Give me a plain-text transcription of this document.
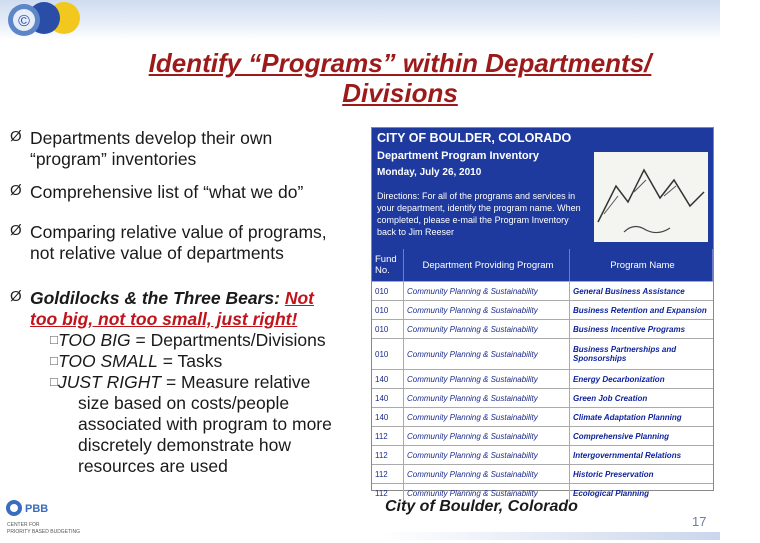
©
Identify “Programs” within Departments/
Divisions
Ø Departments develop their own
“program” inventories
Ø Comprehensive list of “what we do”
Ø Comparing relative value of programs,
not relative value of departments
Ø Goldilocks & the Three Bears: Not
too big, not too small, just right!
□ TOO BIG = Departments/Divisions
□ TOO SMALL = Tasks
□ JUST RIGHT = Measure relative
size based on costs/people
associated with program to more
discretely demonstrate how
resources are used
CITY OF BOULDER, COLORADO
Department Program Inventory
Monday, July 26, 2010
Directions: For all of the programs and services in your department, identify the program name. When completed, please e-mail the Program Inventory back to Jim Reeser
Fund No.	Department Providing Program	Program Name
010	Community Planning & Sustainability	General Business Assistance
010	Community Planning & Sustainability	Business Retention and Expansion
010	Community Planning & Sustainability	Business Incentive Programs
010	Community Planning & Sustainability	Business Partnerships and Sponsorships
140	Community Planning & Sustainability	Energy Decarbonization
140	Community Planning & Sustainability	Green Job Creation
140	Community Planning & Sustainability	Climate Adaptation Planning
112	Community Planning & Sustainability	Comprehensive Planning
112	Community Planning & Sustainability	Intergovernmental Relations
112	Community Planning & Sustainability	Historic Preservation
112	Community Planning & Sustainability	Ecological Planning
City of Boulder, Colorado
PBB
CENTER FOR
PRIORITY BASED BUDGETING
17
